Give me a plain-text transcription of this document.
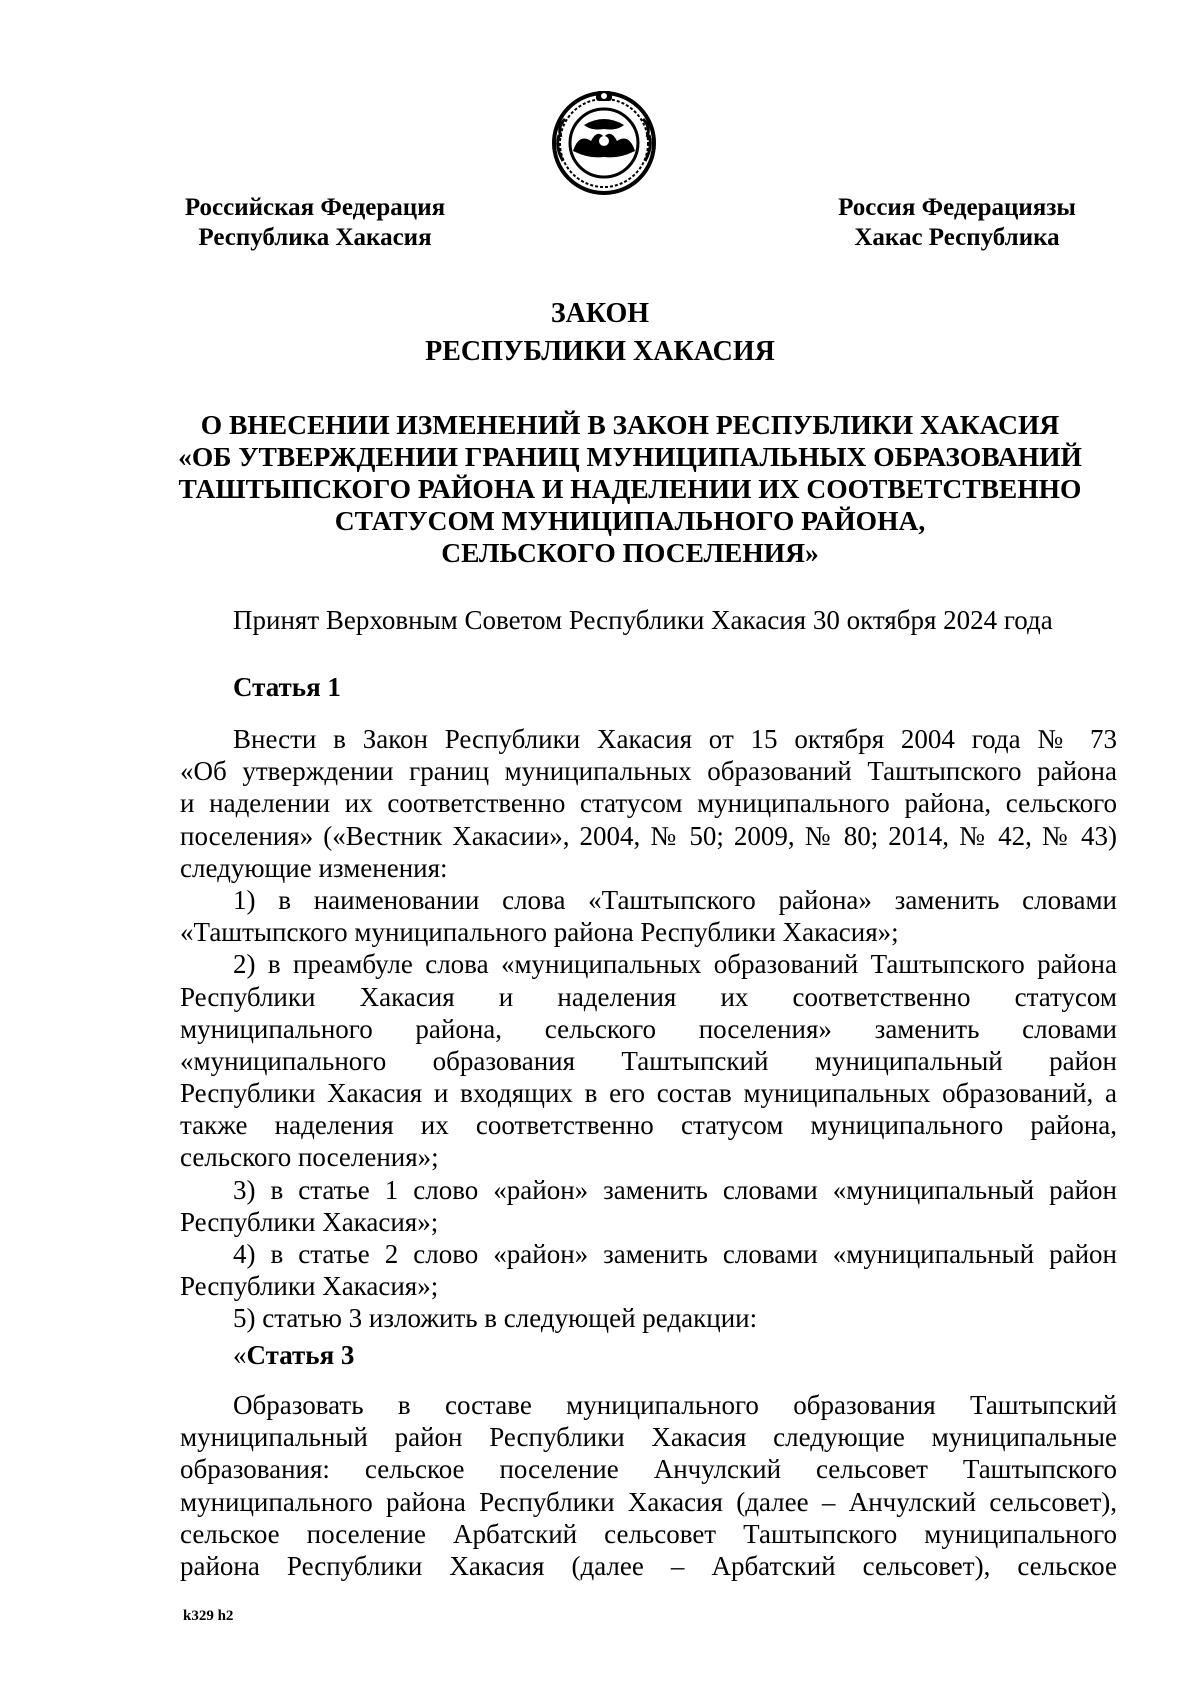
Российская Федерация
Республика Хакасия
Россия Федерациязы
Хакас Республика
ЗАКОН
РЕСПУБЛИКИ ХАКАСИЯ
О ВНЕСЕНИИ ИЗМЕНЕНИЙ В ЗАКОН РЕСПУБЛИКИ ХАКАСИЯ
«ОБ УТВЕРЖДЕНИИ ГРАНИЦ МУНИЦИПАЛЬНЫХ ОБРАЗОВАНИЙ
ТАШТЫПСКОГО РАЙОНА И НАДЕЛЕНИИ ИХ СООТВЕТСТВЕННО
СТАТУСОМ МУНИЦИПАЛЬНОГО РАЙОНА,
СЕЛЬСКОГО ПОСЕЛЕНИЯ»
Принят Верховным Советом Республики Хакасия 30 октября 2024 года
Статья 1
Внести в Закон Республики Хакасия от 15 октября 2004 года № 73
«Об утверждении границ муниципальных образований Таштыпского района
и наделении их соответственно статусом муниципального района, сельского
поселения» («Вестник Хакасии», 2004, № 50; 2009, № 80; 2014, № 42, № 43)
следующие изменения:
1) в наименовании слова «Таштыпского района» заменить словами
«Таштыпского муниципального района Республики Хакасия»;
2) в преамбуле слова «муниципальных образований Таштыпского района
Республики Хакасия и наделения их соответственно статусом
муниципального района, сельского поселения» заменить словами
«муниципального образования Таштыпский муниципальный район
Республики Хакасия и входящих в его состав муниципальных образований, а
также наделения их соответственно статусом муниципального района,
сельского поселения»;
3) в статье 1 слово «район» заменить словами «муниципальный район
Республики Хакасия»;
4) в статье 2 слово «район» заменить словами «муниципальный район
Республики Хакасия»;
5) статью 3 изложить в следующей редакции:
«Статья 3
Образовать в составе муниципального образования Таштыпский
муниципальный район Республики Хакасия следующие муниципальные
образования: сельское поселение Анчулский сельсовет Таштыпского
муниципального района Республики Хакасия (далее – Анчулский сельсовет),
сельское поселение Арбатский сельсовет Таштыпского муниципального
района Республики Хакасия (далее – Арбатский сельсовет), сельское
k329 h2
